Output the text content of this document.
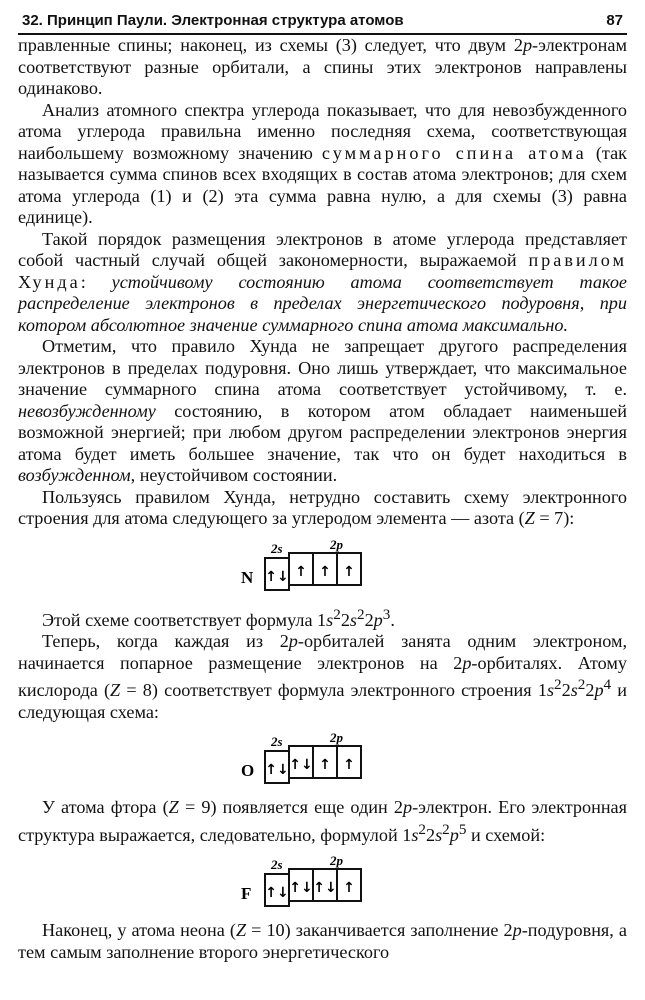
32. Принцип Паули. Электронная структура атомов	87

правленные спины; наконец, из схемы (3) следует, что двум 2p-электронам соответствуют разные орбитали, а спины этих электронов направлены одинаково.

Анализ атомного спектра углерода показывает, что для невозбужденного атома углерода правильна именно последняя схема, соответствующая наибольшему возможному значению суммарного спина атома (так называется сумма спинов всех входящих в состав атома электронов; для схем атома углерода (1) и (2) эта сумма равна нулю, а для схемы (3) равна единице).

Такой порядок размещения электронов в атоме углерода представляет собой частный случай общей закономерности, выражаемой правилом Хунда: устойчивому состоянию атома соответствует такое распределение электронов в пределах энергетического подуровня, при котором абсолютное значение суммарного спина атома максимально.

Отметим, что правило Хунда не запрещает другого распределения электронов в пределах подуровня. Оно лишь утверждает, что максимальное значение суммарного спина атома соответствует устойчивому, т. е. невозбужденному состоянию, в котором атом обладает наименьшей возможной энергией; при любом другом распределении электронов энергия атома будет иметь большее значение, так что он будет находиться в возбужденном, неустойчивом состоянии.

Пользуясь правилом Хунда, нетрудно составить схему электронного строения для атома следующего за углеродом элемента — азота (Z = 7):

N
2s	2p
↑↓ ↑ ↑ ↑

Этой схеме соответствует формула $1s^22s^22p^3$.

Теперь, когда каждая из 2p-орбиталей занята одним электроном, начинается попарное размещение электронов на 2p-орбиталях. Атому кислорода (Z = 8) соответствует формула электронного строения $1s^22s^22p^4$ и следующая схема:

O
2s	2p
↑↓ ↑↓ ↑ ↑

У атома фтора (Z = 9) появляется еще один 2p-электрон. Его электронная структура выражается, следовательно, формулой $1s^22s^2p^5$ и схемой:

F
2s	2p
↑↓ ↑↓ ↑↓ ↑

Наконец, у атома неона (Z = 10) заканчивается заполнение 2p-подуровня, а тем самым заполнение второго энергетического
